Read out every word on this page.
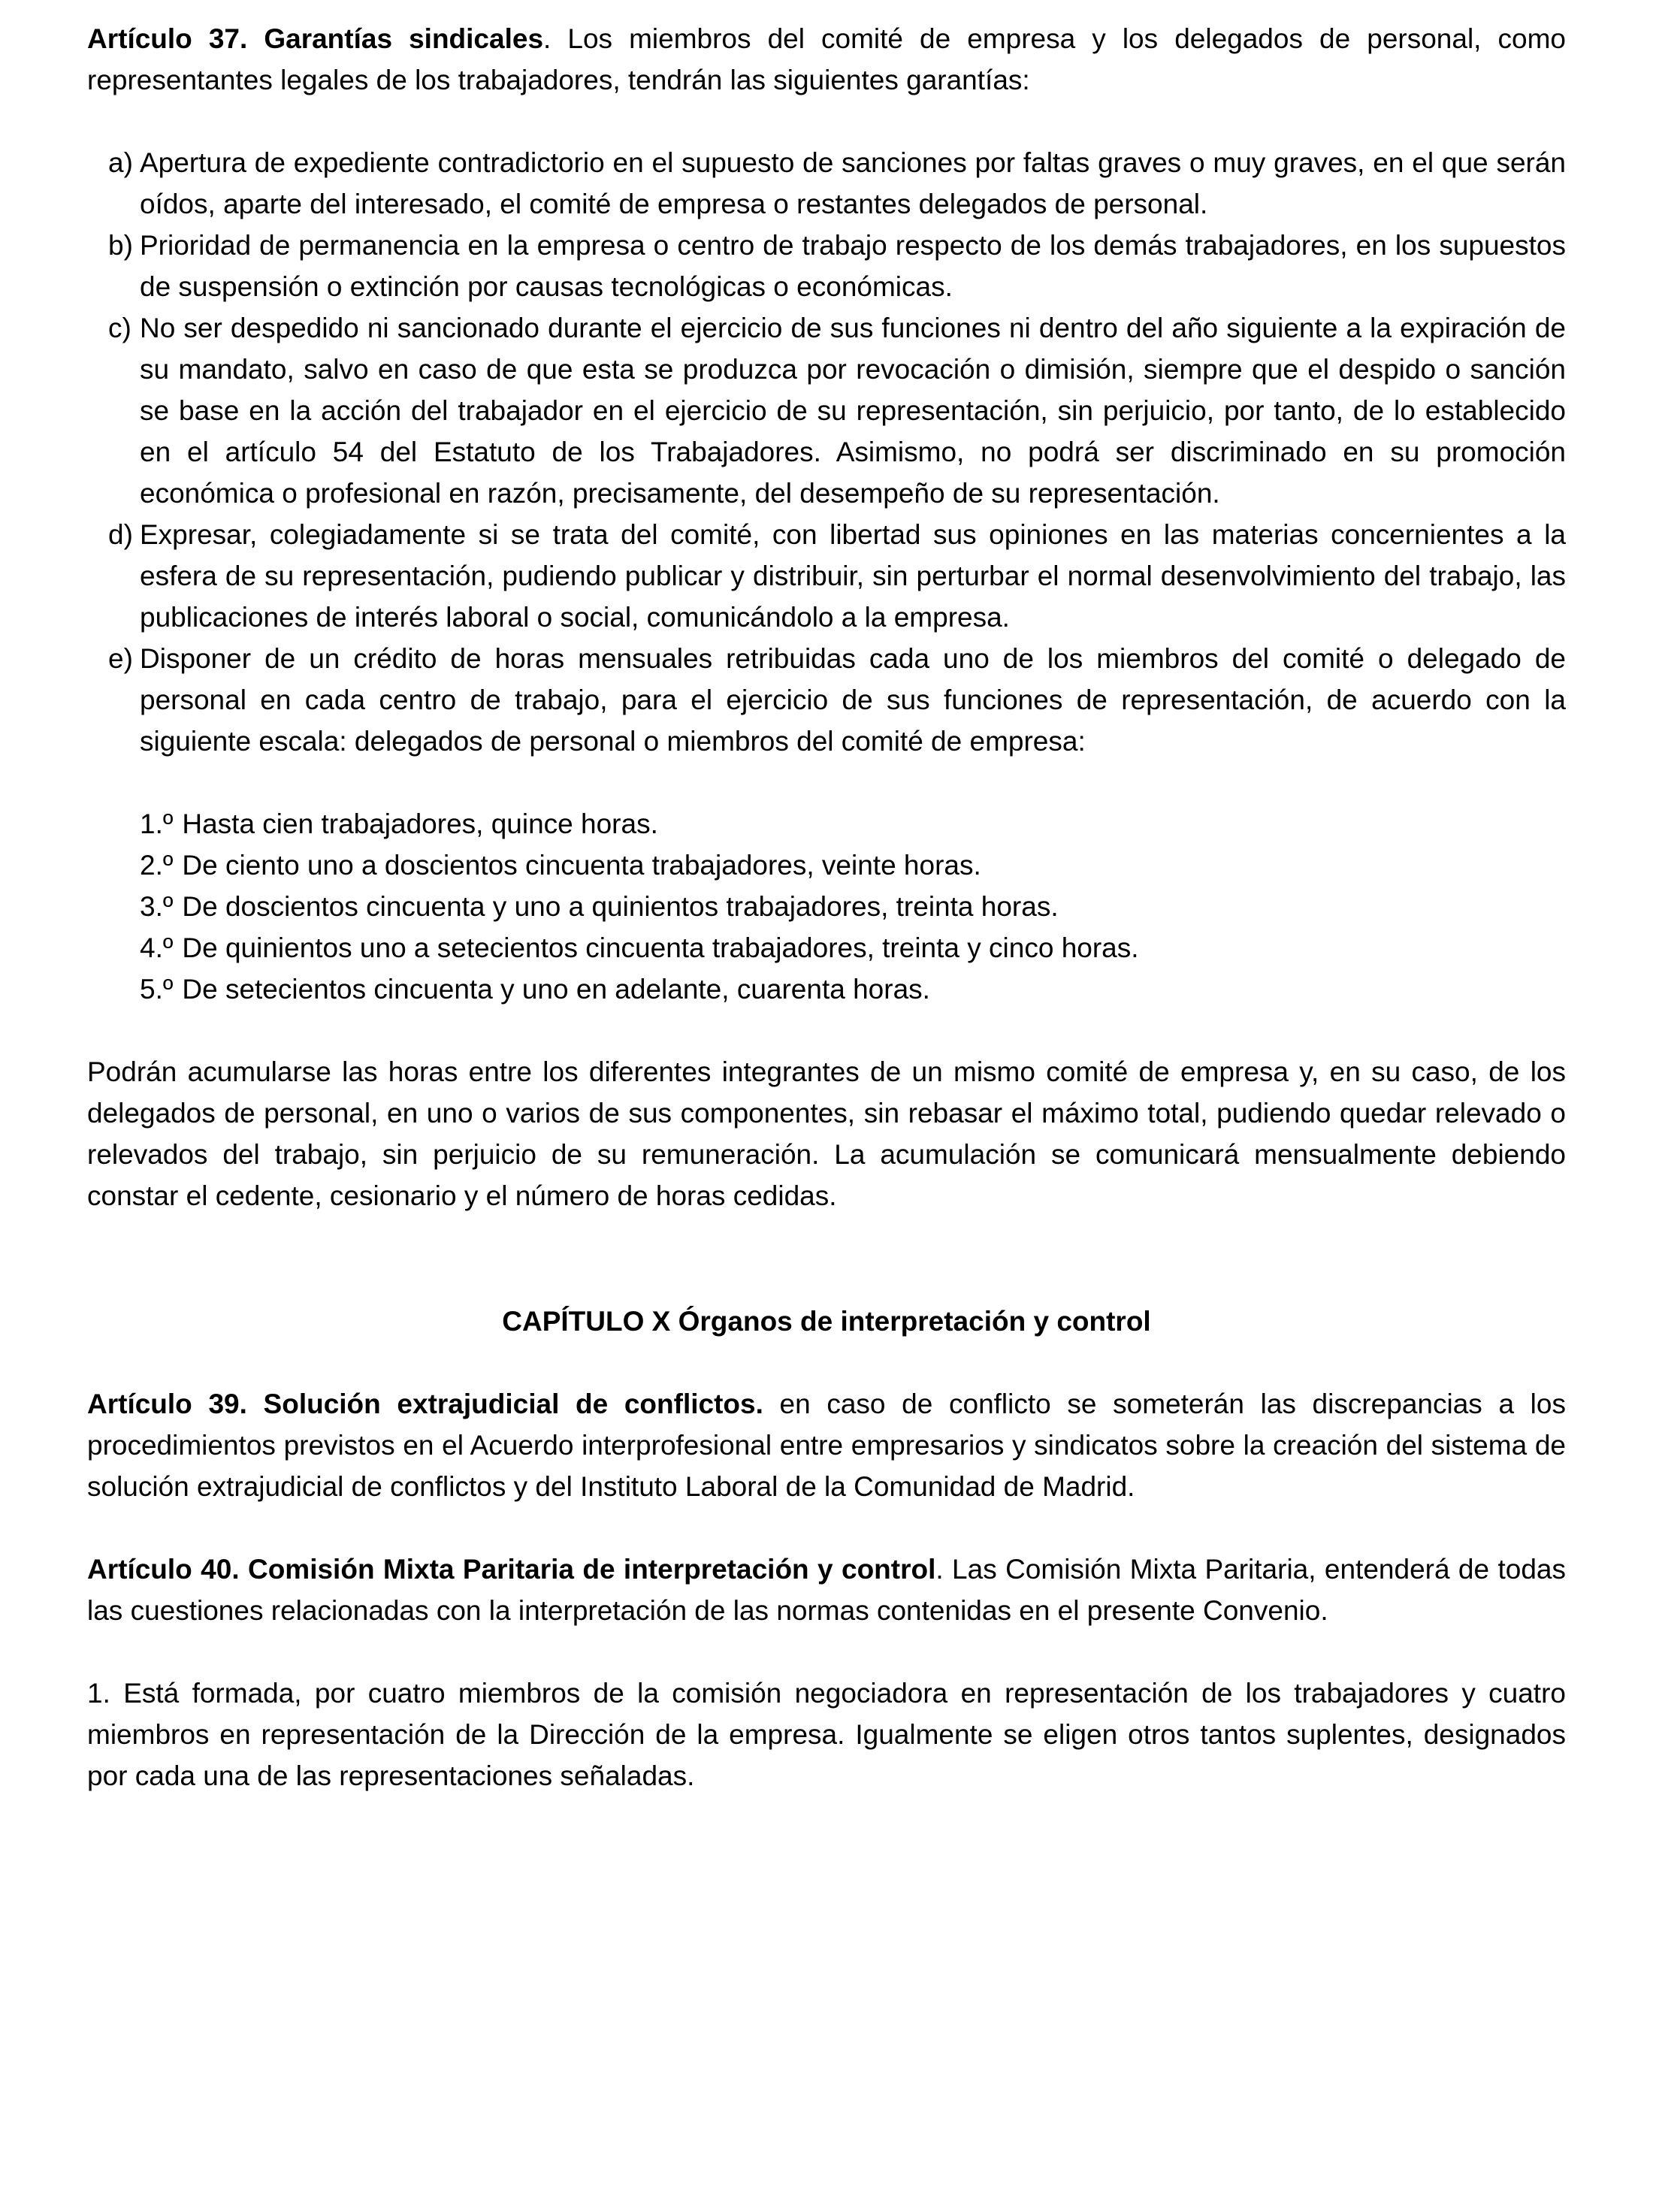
Artículo 37. Garantías sindicales. Los miembros del comité de empresa y los delegados de personal, como representantes legales de los trabajadores, tendrán las siguientes garantías:

a) Apertura de expediente contradictorio en el supuesto de sanciones por faltas graves o muy graves, en el que serán oídos, aparte del interesado, el comité de empresa o restantes delegados de personal.
b) Prioridad de permanencia en la empresa o centro de trabajo respecto de los demás trabajadores, en los supuestos de suspensión o extinción por causas tecnológicas o económicas.
c) No ser despedido ni sancionado durante el ejercicio de sus funciones ni dentro del año siguiente a la expiración de su mandato, salvo en caso de que esta se produzca por revocación o dimisión, siempre que el despido o sanción se base en la acción del trabajador en el ejercicio de su representación, sin perjuicio, por tanto, de lo establecido en el artículo 54 del Estatuto de los Trabajadores. Asimismo, no podrá ser discriminado en su promoción económica o profesional en razón, precisamente, del desempeño de su representación.
d) Expresar, colegiadamente si se trata del comité, con libertad sus opiniones en las materias concernientes a la esfera de su representación, pudiendo publicar y distribuir, sin perturbar el normal desenvolvimiento del trabajo, las publicaciones de interés laboral o social, comunicándolo a la empresa.
e) Disponer de un crédito de horas mensuales retribuidas cada uno de los miembros del comité o delegado de personal en cada centro de trabajo, para el ejercicio de sus funciones de representación, de acuerdo con la siguiente escala: delegados de personal o miembros del comité de empresa:
1.º Hasta cien trabajadores, quince horas.
2.º De ciento uno a doscientos cincuenta trabajadores, veinte horas.
3.º De doscientos cincuenta y uno a quinientos trabajadores, treinta horas.
4.º De quinientos uno a setecientos cincuenta trabajadores, treinta y cinco horas.
5.º De setecientos cincuenta y uno en adelante, cuarenta horas.

Podrán acumularse las horas entre los diferentes integrantes de un mismo comité de empresa y, en su caso, de los delegados de personal, en uno o varios de sus componentes, sin rebasar el máximo total, pudiendo quedar relevado o relevados del trabajo, sin perjuicio de su remuneración. La acumulación se comunicará mensualmente debiendo constar el cedente, cesionario y el número de horas cedidas.

CAPÍTULO X Órganos de interpretación y control

Artículo 39. Solución extrajudicial de conflictos. en caso de conflicto se someterán las discrepancias a los procedimientos previstos en el Acuerdo interprofesional entre empresarios y sindicatos sobre la creación del sistema de solución extrajudicial de conflictos y del Instituto Laboral de la Comunidad de Madrid.

Artículo 40. Comisión Mixta Paritaria de interpretación y control. Las Comisión Mixta Paritaria, entenderá de todas las cuestiones relacionadas con la interpretación de las normas contenidas en el presente Convenio.

1. Está formada, por cuatro miembros de la comisión negociadora en representación de los trabajadores y cuatro miembros en representación de la Dirección de la empresa. Igualmente se eligen otros tantos suplentes, designados por cada una de las representaciones señaladas.
